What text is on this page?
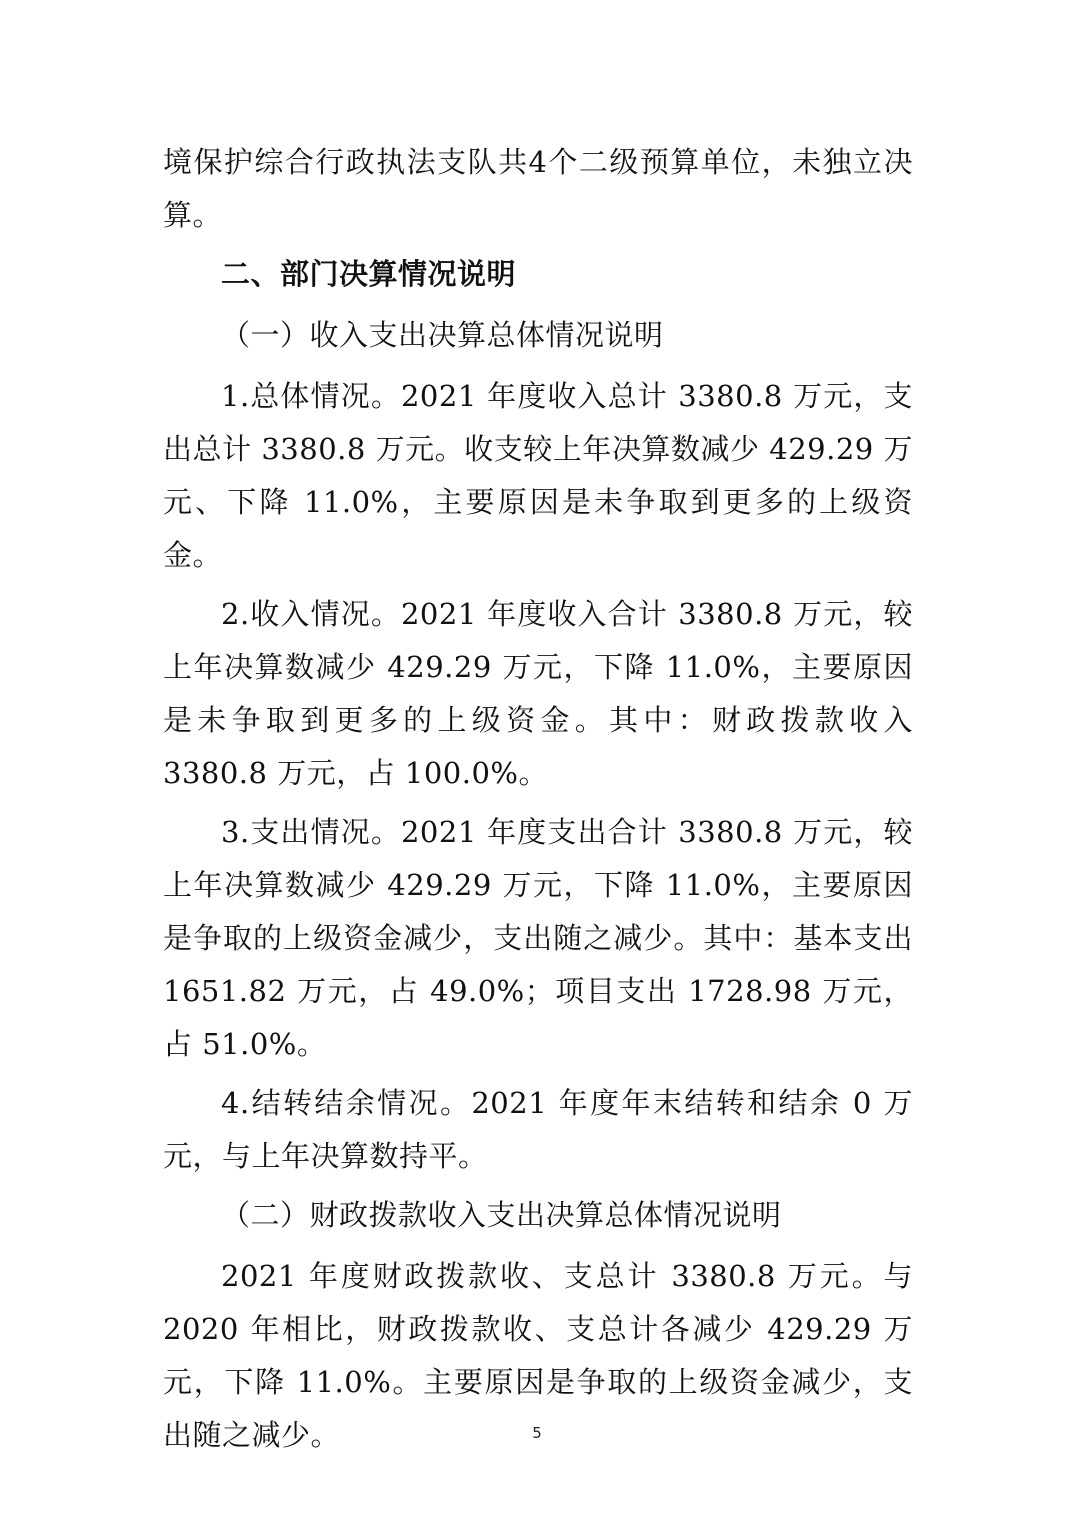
境保护综合行政执法支队共4个二级预算单位，未独立决算。

二、部门决算情况说明

（一）收入支出决算总体情况说明

1.总体情况。2021 年度收入总计 3380.8 万元，支出总计 3380.8 万元。收支较上年决算数减少 429.29 万元、下降 11.0%，主要原因是未争取到更多的上级资金。

2.收入情况。2021 年度收入合计 3380.8 万元，较上年决算数减少 429.29 万元，下降 11.0%，主要原因是未争取到更多的上级资金。其中：财政拨款收入 3380.8 万元，占 100.0%。

3.支出情况。2021 年度支出合计 3380.8 万元，较上年决算数减少 429.29 万元，下降 11.0%，主要原因是争取的上级资金减少，支出随之减少。其中：基本支出 1651.82 万元，占 49.0%；项目支出 1728.98 万元，占 51.0%。

4.结转结余情况。2021 年度年末结转和结余 0 万元，与上年决算数持平。

（二）财政拨款收入支出决算总体情况说明

2021 年度财政拨款收、支总计 3380.8 万元。与 2020 年相比，财政拨款收、支总计各减少 429.29 万元，下降 11.0%。主要原因是争取的上级资金减少，支出随之减少。	5
